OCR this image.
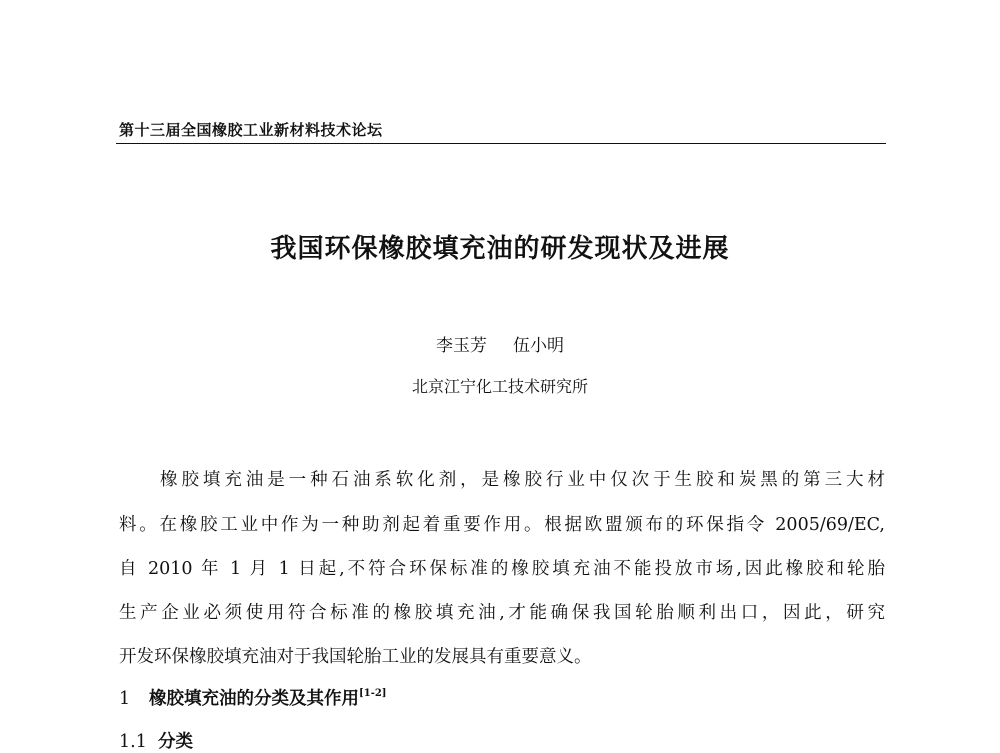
第十三届全国橡胶工业新材料技术论坛
我国环保橡胶填充油的研发现状及进展
李玉芳 伍小明
北京江宁化工技术研究所
橡胶填充油是一种石油系软化剂，是橡胶行业中仅次于生胶和炭黑的第三大材
料。在橡胶工业中作为一种助剂起着重要作用。根据欧盟颁布的环保指令 2005/69/EC,
自 2010 年 1 月 1 日起,不符合环保标准的橡胶填充油不能投放市场,因此橡胶和轮胎
生产企业必须使用符合标准的橡胶填充油,才能确保我国轮胎顺利出口，因此，研究
开发环保橡胶填充油对于我国轮胎工业的发展具有重要意义。
1 橡胶填充油的分类及其作用[1-2]
1.1 分类
